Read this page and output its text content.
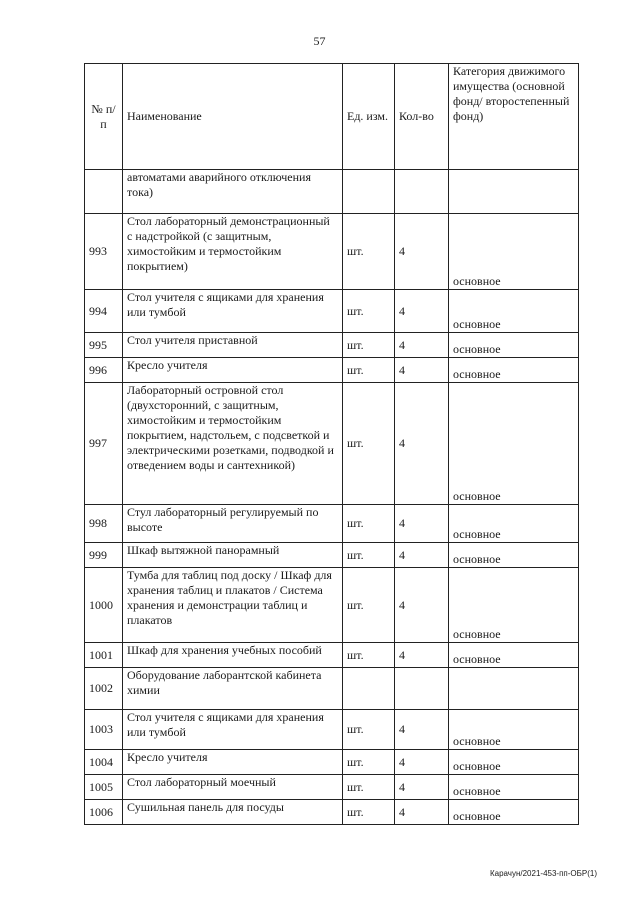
57
№ п/п	Наименование	Ед. изм.	Кол-во	Категория движимого имущества (основной фонд/ второстепенный фонд)
	автоматами аварийного отключения тока)			
993	Стол лабораторный демонстрационный с надстройкой (с защитным, химостойким и термостойким покрытием)	шт.	4	основное
994	Стол учителя с ящиками для хранения или тумбой	шт.	4	основное
995	Стол учителя приставной	шт.	4	основное
996	Кресло учителя	шт.	4	основное
997	Лабораторный островной стол (двухсторонний, с защитным, химостойким и термостойким покрытием, надстольем, с подсветкой и электрическими розетками, подводкой и отведением воды и сантехникой)	шт.	4	основное
998	Стул лабораторный регулируемый по высоте	шт.	4	основное
999	Шкаф вытяжной панорамный	шт.	4	основное
1000	Тумба для таблиц под доску / Шкаф для хранения таблиц и плакатов / Система хранения и демонстрации таблиц и плакатов	шт.	4	основное
1001	Шкаф для хранения учебных пособий	шт.	4	основное
1002	Оборудование лаборантской кабинета химии			
1003	Стол учителя с ящиками для хранения или тумбой	шт.	4	основное
1004	Кресло учителя	шт.	4	основное
1005	Стол лабораторный моечный	шт.	4	основное
1006	Сушильная панель для посуды	шт.	4	основное
Карачун/2021-453-пп-ОБР(1)
